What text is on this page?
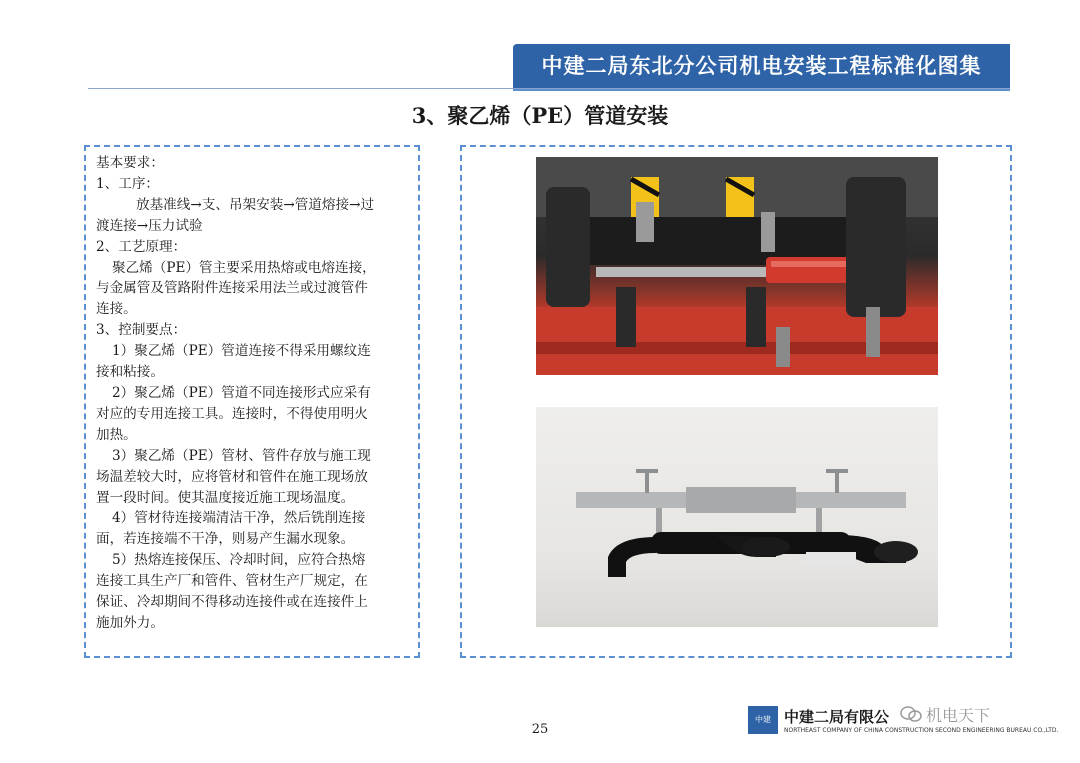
中建二局东北分公司机电安装工程标准化图集
3、聚乙烯（PE）管道安装
基本要求：
1、工序：
放基准线→支、吊架安装→管道熔接→过
渡连接→压力试验
2、工艺原理：
聚乙烯（PE）管主要采用热熔或电熔连接，
与金属管及管路附件连接采用法兰或过渡管件
连接。
3、控制要点：
1）聚乙烯（PE）管道连接不得采用螺纹连
接和粘接。
2）聚乙烯（PE）管道不同连接形式应采有
对应的专用连接工具。连接时，不得使用明火
加热。
3）聚乙烯（PE）管材、管件存放与施工现
场温差较大时，应将管材和管件在施工现场放
置一段时间。使其温度接近施工现场温度。
4）管材待连接端清洁干净，然后铣削连接
面，若连接端不干净，则易产生漏水现象。
5）热熔连接保压、冷却时间，应符合热熔
连接工具生产厂和管件、管材生产厂规定，在
保证、冷却期间不得移动连接件或在连接件上
施加外力。
25
中建 中建二局有限公
NORTHEAST COMPANY OF CHINA CONSTRUCTION SECOND ENGINEERING BUREAU CO.,LTD.
机电天下
